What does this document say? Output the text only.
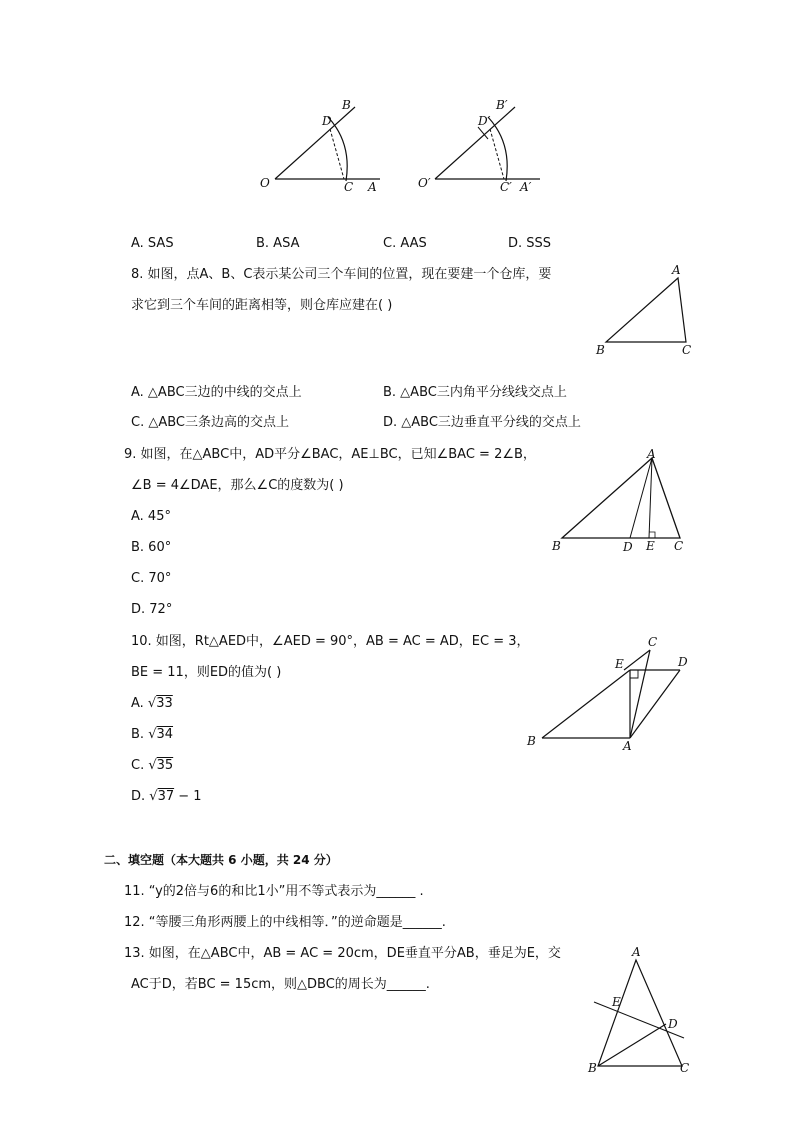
O	A
B
C
D
O′	A′
B′
C′
D′
A. SAS	B. ASA	C. AAS	D. SSS
8. 如图，点A、B、C表示某公司三个车间的位置，现在要建一个仓库，要
求它到三个车间的距离相等，则仓库应建在( )
A
B	C
A. △ABC三边的中线的交点上	B. △ABC三内角平分线线交点上
C. △ABC三条边高的交点上	D. △ABC三边垂直平分线的交点上
9. 如图，在△ABC中，AD平分∠BAC，AE⊥BC，已知∠BAC = 2∠B，
∠B = 4∠DAE，那么∠C的度数为( )
A. 45°
B. 60°
C. 70°
D. 72°
A
B	C
D E
10. 如图，Rt△AED中，∠AED = 90°，AB = AC = AD，EC = 3，
BE = 11，则ED的值为( )
A. √33
B. √34
C. √35
D. √37 − 1
A
B
C
D
E
二、填空题（本大题共 6 小题，共 24 分）
11. “y的2倍与6的和比1小”用不等式表示为______ .
12. “等腰三角形两腰上的中线相等．”的逆命题是______.
13. 如图，在△ABC中，AB = AC = 20cm，DE垂直平分AB，垂足为E，交
AC于D，若BC = 15cm，则△DBC的周长为______.
A
B	C
D
E
